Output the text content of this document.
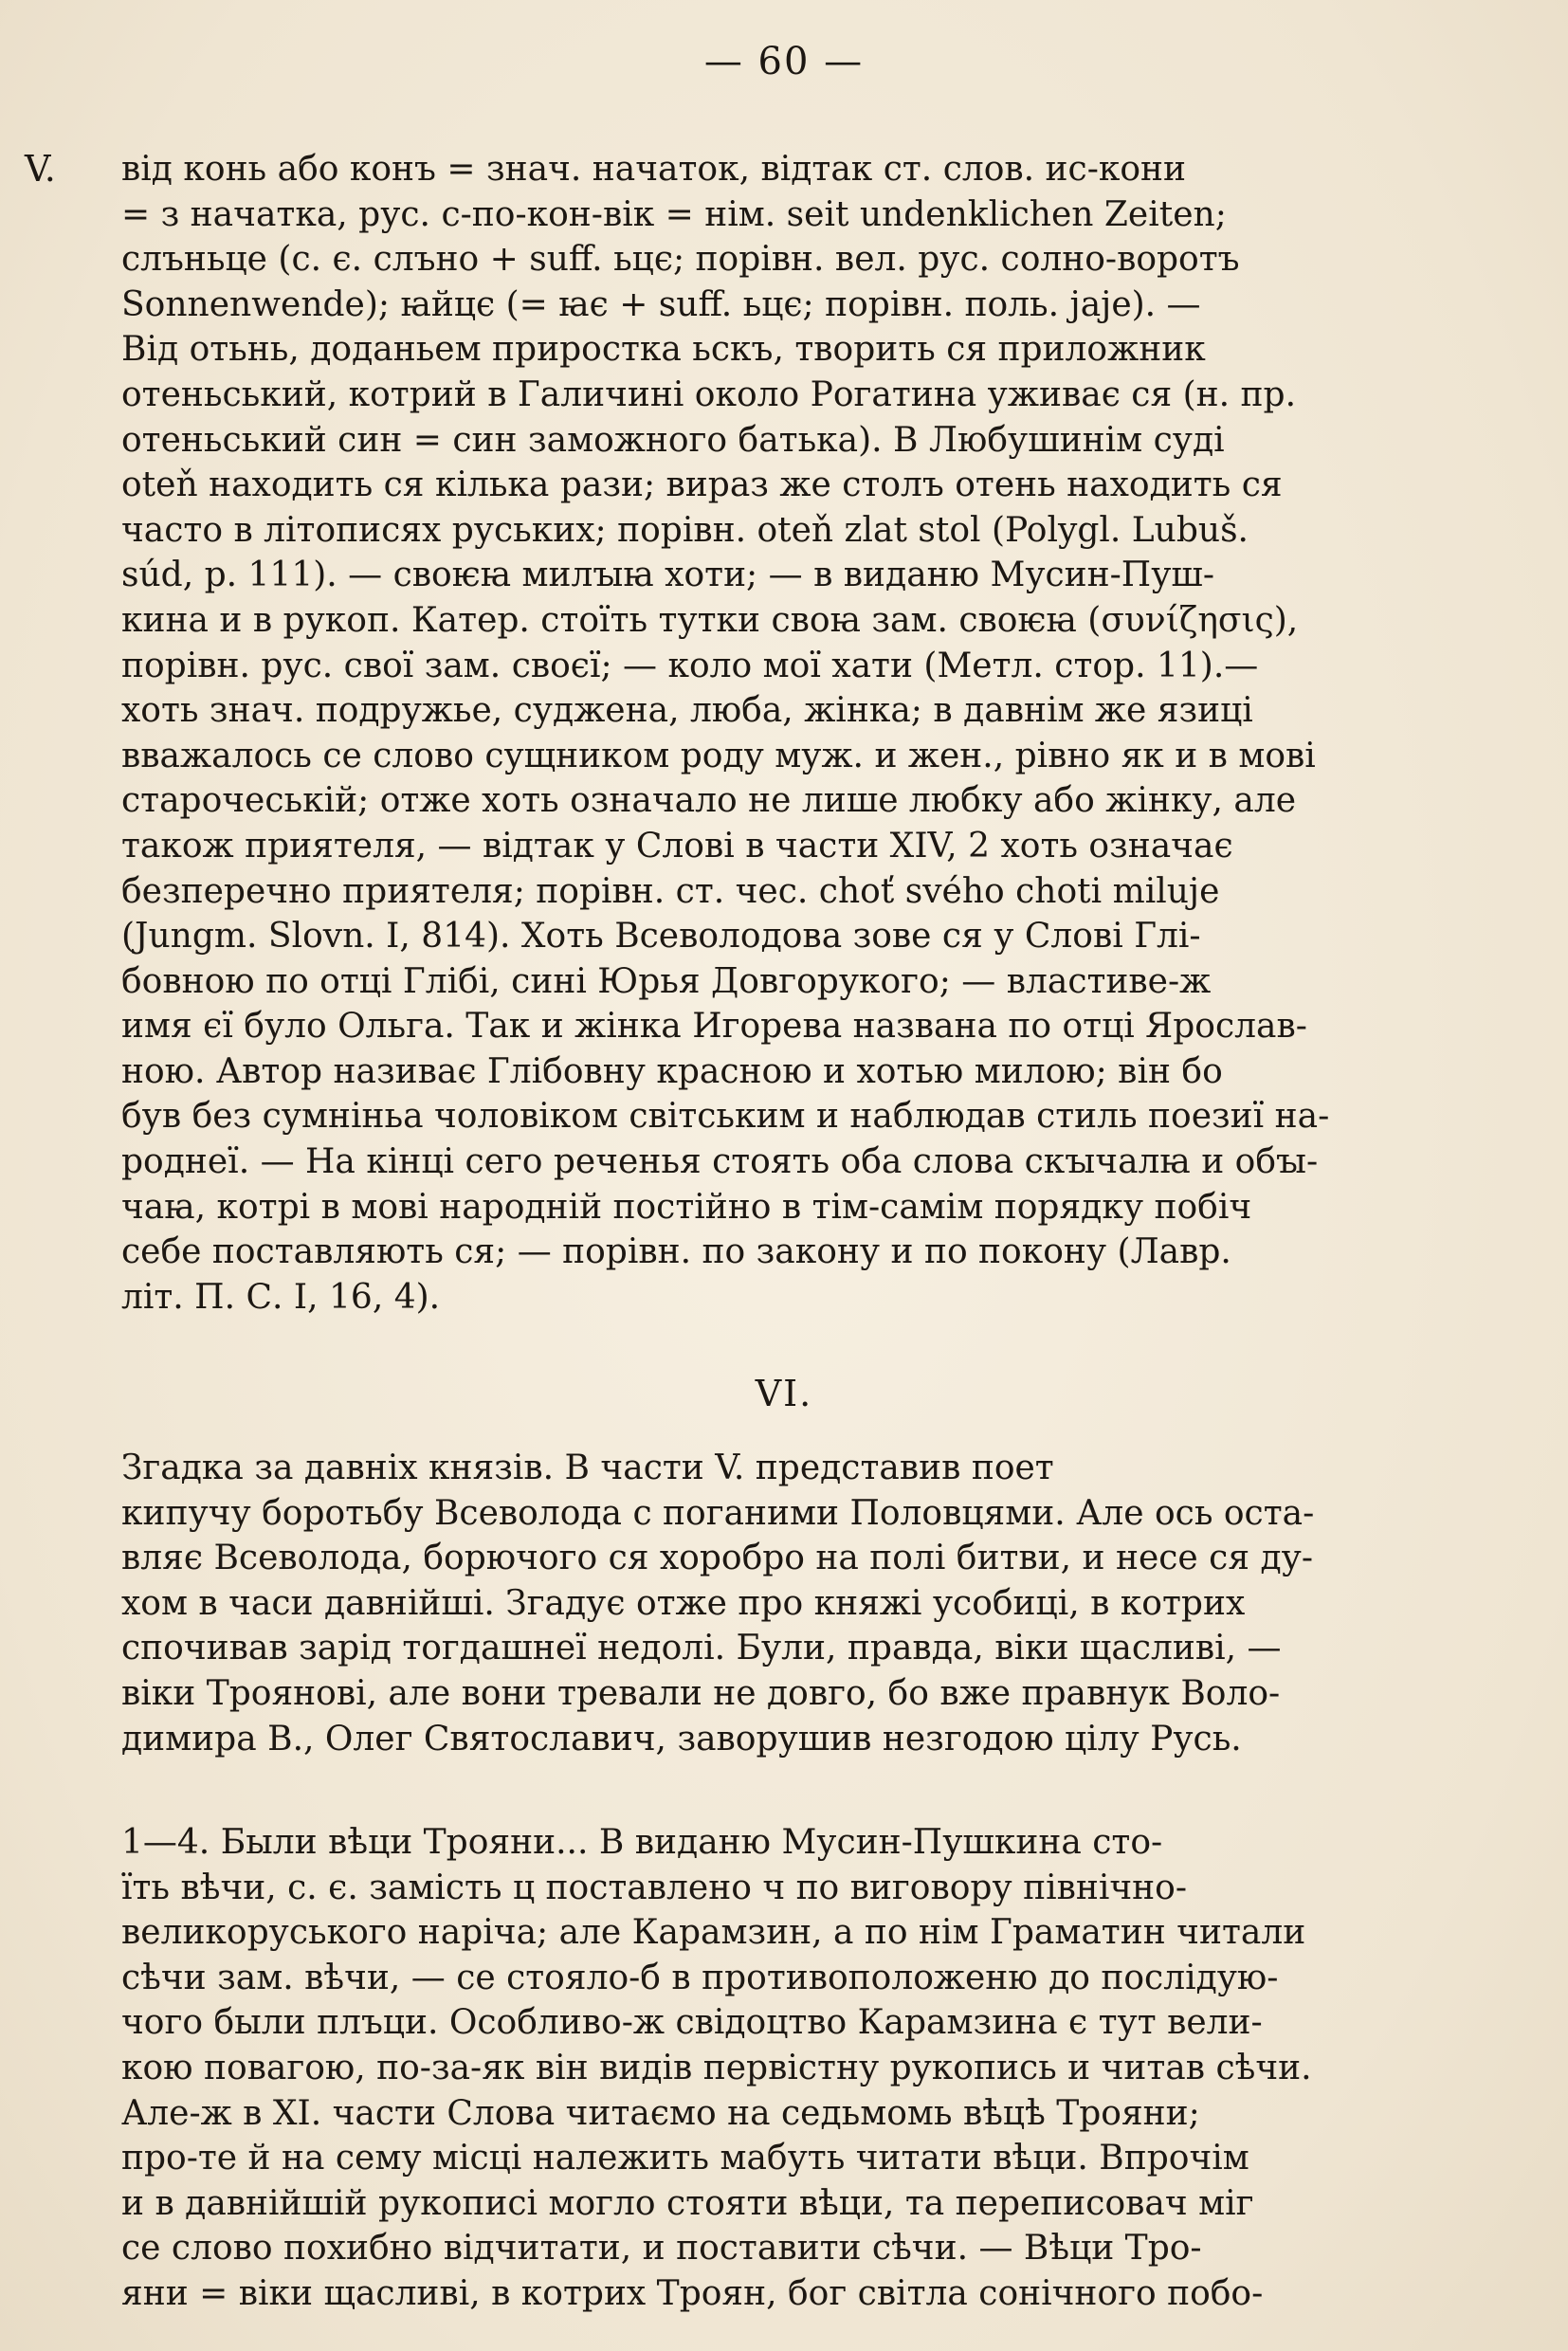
— 60 —
V. від конь або конъ = знач. начаток, відтак ст. слов. ис-кони
= з начатка, рус. с-по-кон-вік = нім. seit undenklichen Zeiten;
слъньце (с. є. слъно + suff. ьцє; порівн. вел. рус. солно-воротъ
Sonnenwende); ꙗйцє (= ꙗє + suff. ьцє; порівн. поль. jaje). —
Від отьнь, доданьем приростка ьскъ, творить ся приложник
отеньський, котрий в Галичині около Рогатина уживає ся (н. пр.
отеньський син = син заможного батька). В Любушинім суді
oteň находить ся кілька рази; вираз же столъ отень находить ся
часто в літописях руських; порівн. oteň zlat stol (Polygl. Lubuš.
súd, p. 111). — своѥꙗ милꙑꙗ хоти; — в виданю Мусин-Пуш-
кина и в рукоп. Катер. стоїть тутки своꙗ зам. своѥꙗ (συνίζησις),
порівн. рус. свої зам. своєї; — коло мої хати (Метл. стор. 11).—
хоть знач. подружье, суджена, люба, жінка; в давнім же язиці
вважалось се слово сущником роду муж. и жен., рівно як и в мові
старочеській; отже хоть означало не лише любку або жінку, але
також приятеля, — відтак у Слові в части XIV, 2 хоть означає
безперечно приятеля; порівн. ст. чес. choť svého choti miluje
(Jungm. Slovn. I, 814). Хоть Всеволодова зове ся у Слові Глі-
бовною по отці Глібі, сині Юрья Довгорукого; — властиве-ж
имя єї було Ольга. Так и жінка Игорева названа по отці Ярослав-
ною. Автор називає Глібовну красною и хотью милою; він бо
був без сумніньа чоловіком світським и наблюдав стиль поезиї на-
роднеї. — На кінці сего реченья стоять оба слова скꙑчалꙗ и обꙑ-
чаꙗ, котрі в мові народній постійно в тім-самім порядку побіч
себе поставляють ся; — порівн. по закону и по покону (Лавр.
літ. П. С. І, 16, 4).
VI.
Згадка за давніх князів. В части V. представив поет
кипучу боротьбу Всеволода с поганими Половцями. Але ось оста-
вляє Всеволода, борючого ся хоробро на полі битви, и несе ся ду-
хом в часи давнійші. Згадує отже про княжі усобиці, в котрих
спочивав зарід тогдашнеї недолі. Були, правда, віки щасливі, —
віки Троянові, але вони тревали не довго, бо вже правнук Воло-
димира В., Олег Святославич, заворушив незгодою цілу Русь.
1—4. Были вѣци Трояни... В виданю Мусин-Пушкина сто-
їть вѣчи, с. є. замість ц поставлено ч по виговору північно-
великоруського наріча; але Карамзин, а по нім Граматин читали
сѣчи зам. вѣчи, — се стояло-б в противоположеню до послідую-
чого были плъци. Особливо-ж свідоцтво Карамзина є тут вели-
кою повагою, по-за-як він видів первістну рукопись и читав сѣчи.
Але-ж в ХІ. части Слова читаємо на седьмомь вѣцѣ Трояни;
про-те й на сему місці належить мабуть читати вѣци. Впрочім
и в давнійшій рукописі могло стояти вѣци, та переписовач міг
се слово похибно відчитати, и поставити сѣчи. — Вѣци Тро-
яни = віки щасливі, в котрих Троян, бог світла сонічного побо-
